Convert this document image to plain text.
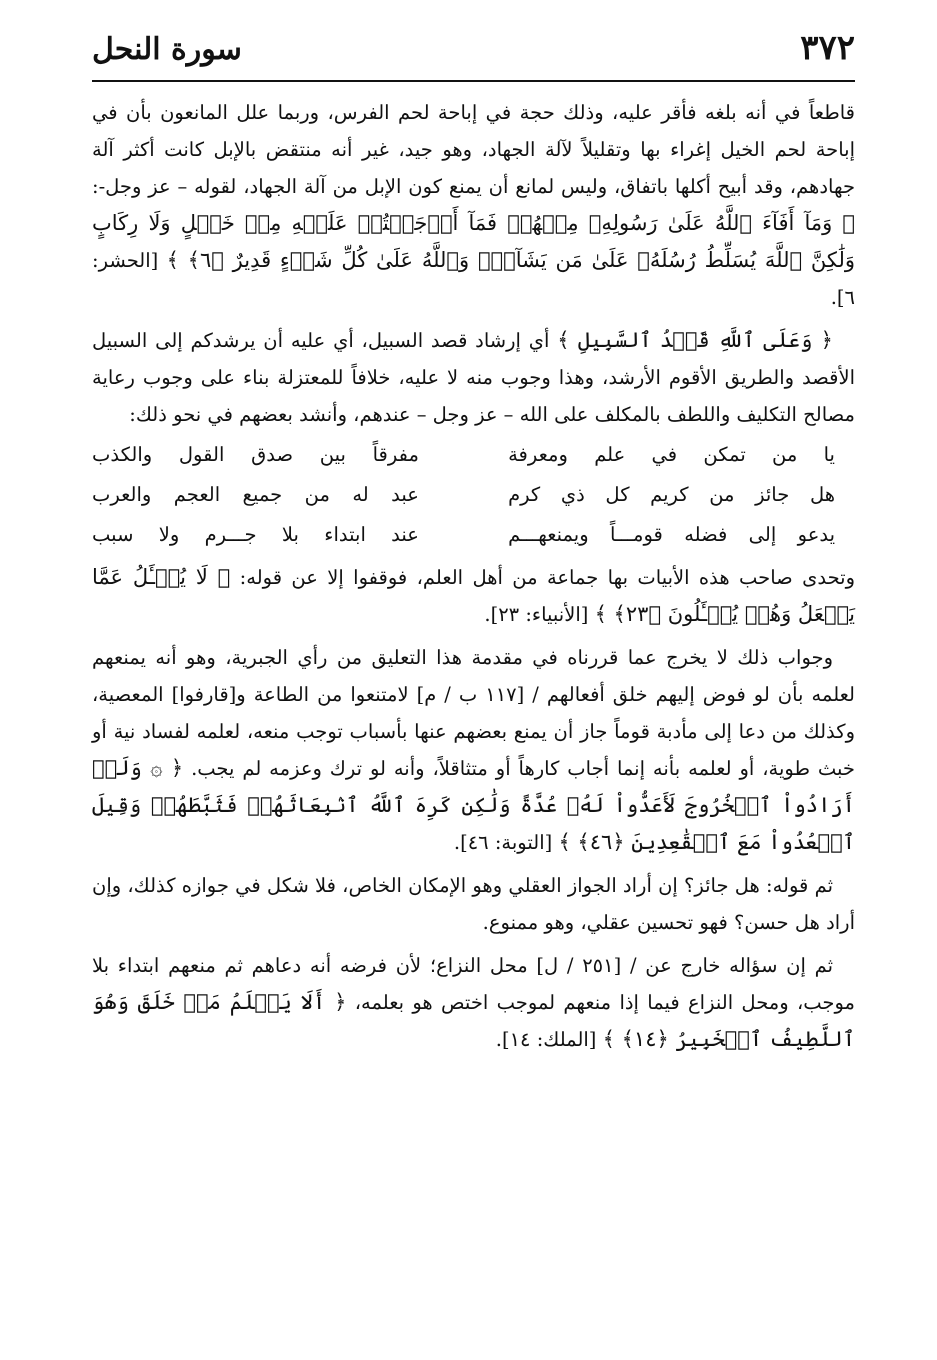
٣٧٢
سورة النحل

قاطعاً في أنه بلغه فأقر عليه، وذلك حجة في إباحة لحم الفرس، وربما علل المانعون بأن في إباحة لحم الخيل إغراء بها وتقليلاً لآلة الجهاد، وهو جيد، غير أنه منتقض بالإبل كانت أكثر آلة جهادهم، وقد أبيح أكلها باتفاق، وليس لمانع أن يمنع كون الإبل من آلة الجهاد، لقوله – عز وجل-: ﴿ وَمَآ أَفَآءَ ٱللَّهُ عَلَىٰ رَسُولِهِۦ مِنۡهُمۡ فَمَآ أَوۡجَفۡتُمۡ عَلَيۡهِ مِنۡ خَيۡلٍ وَلَا رِكَابٍ وَلَٰكِنَّ ٱللَّهَ يُسَلِّطُ رُسُلَهُۥ عَلَىٰ مَن يَشَآءُۚ وَٱللَّهُ عَلَىٰ كُلِّ شَيۡءٍ قَدِيرٌ ﴿٦﴾ ﴾ [الحشر: ٦].

﴿ وَعَلَى ٱللَّهِ قَصۡدُ ٱلسَّبِيلِ ﴾ أي إرشاد قصد السبيل، أي عليه أن يرشدكم إلى السبيل الأقصد والطريق الأقوم الأرشد، وهذا وجوب منه لا عليه، خلافاً للمعتزلة بناء على وجوب رعاية مصالح التكليف واللطف بالمكلف على الله – عز وجل – عندهم، وأنشد بعضهم في نحو ذلك:

يا من تمكن في علم ومعرفة
مفرقاً بين صدق القول والكذب
هل جائز من كريم كل ذي كرم
عبد له من جميع العجم والعرب
يدعو إلى فضله قومـــاً ويمنعهـــم
عند ابتداء بلا جـــرم ولا سبب

وتحدى صاحب هذه الأبيات بها جماعة من أهل العلم، فوقفوا إلا عن قوله: ﴿ لَا يُسۡـَٔلُ عَمَّا يَفۡعَلُ وَهُمۡ يُسۡـَٔلُونَ ﴿٢٣﴾ ﴾ [الأنبياء: ٢٣].

وجواب ذلك لا يخرج عما قررناه في مقدمة هذا التعليق من رأي الجبرية، وهو أنه يمنعهم لعلمه بأن لو فوض إليهم خلق أفعالهم / [١١٧ ب / م] لامتنعوا من الطاعة و[قارفوا] المعصية، وكذلك من دعا إلى مأدبة قوماً جاز أن يمنع بعضهم عنها بأسباب توجب منعه، لعلمه لفساد نية أو خبث طوية، أو لعلمه بأنه إنما أجاب كارهاً أو متثاقلاً، وأنه لو ترك وعزمه لم يجب. ﴿ ۞ وَلَوۡ أَرَادُواْ ٱلۡخُرُوجَ لَأَعَدُّواْ لَهُۥ عُدَّةً وَلَٰكِن كَرِهَ ٱللَّهُ ٱنۢبِعَاثَهُمۡ فَثَبَّطَهُمۡ وَقِيلَ ٱقۡعُدُواْ مَعَ ٱلۡقَٰعِدِينَ ﴿٤٦﴾ ﴾ [التوبة: ٤٦].

ثم قوله: هل جائز؟ إن أراد الجواز العقلي وهو الإمكان الخاص، فلا شكل في جوازه كذلك، وإن أراد هل حسن؟ فهو تحسين عقلي، وهو ممنوع.

ثم إن سؤاله خارج عن / [٢٥١ / ل] محل النزاع؛ لأن فرضه أنه دعاهم ثم منعهم ابتداء بلا موجب، ومحل النزاع فيما إذا منعهم لموجب اختص هو بعلمه، ﴿ أَلَا يَعۡلَمُ مَنۡ خَلَقَ وَهُوَ ٱللَّطِيفُ ٱلۡخَبِيرُ ﴿١٤﴾ ﴾ [الملك: ١٤].
